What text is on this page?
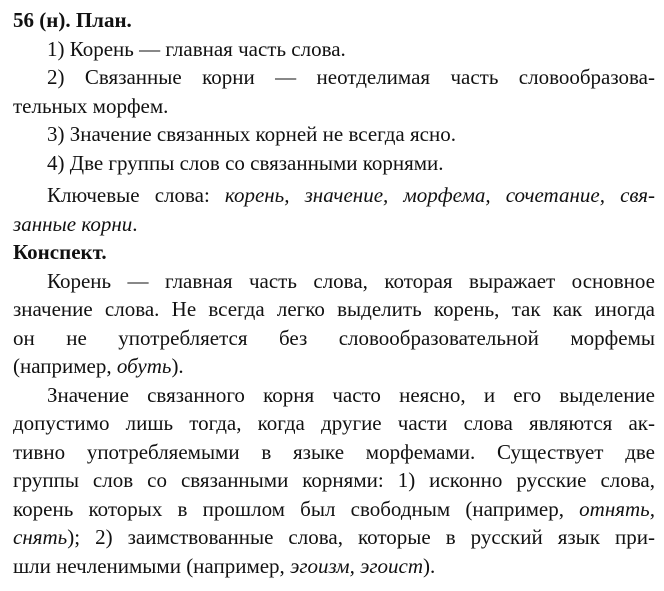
56 (н). План.
1) Корень — главная часть слова.
2) Связанные корни — неотделимая часть словообразова-
тельных морфем.
3) Значение связанных корней не всегда ясно.
4) Две группы слов со связанными корнями.
Ключевые слова: корень, значение, морфема, сочетание, свя-
занные корни.
Конспект.
Корень — главная часть слова, которая выражает основное
значение слова. Не всегда легко выделить корень, так как иногда
он не употребляется без словообразовательной морфемы
(например, обуть).
Значение связанного корня часто неясно, и его выделение
допустимо лишь тогда, когда другие части слова являются ак-
тивно употребляемыми в языке морфемами. Существует две
группы слов со связанными корнями: 1) исконно русские слова,
корень которых в прошлом был свободным (например, отнять,
снять); 2) заимствованные слова, которые в русский язык при-
шли нечленимыми (например, эгоизм, эгоист).
